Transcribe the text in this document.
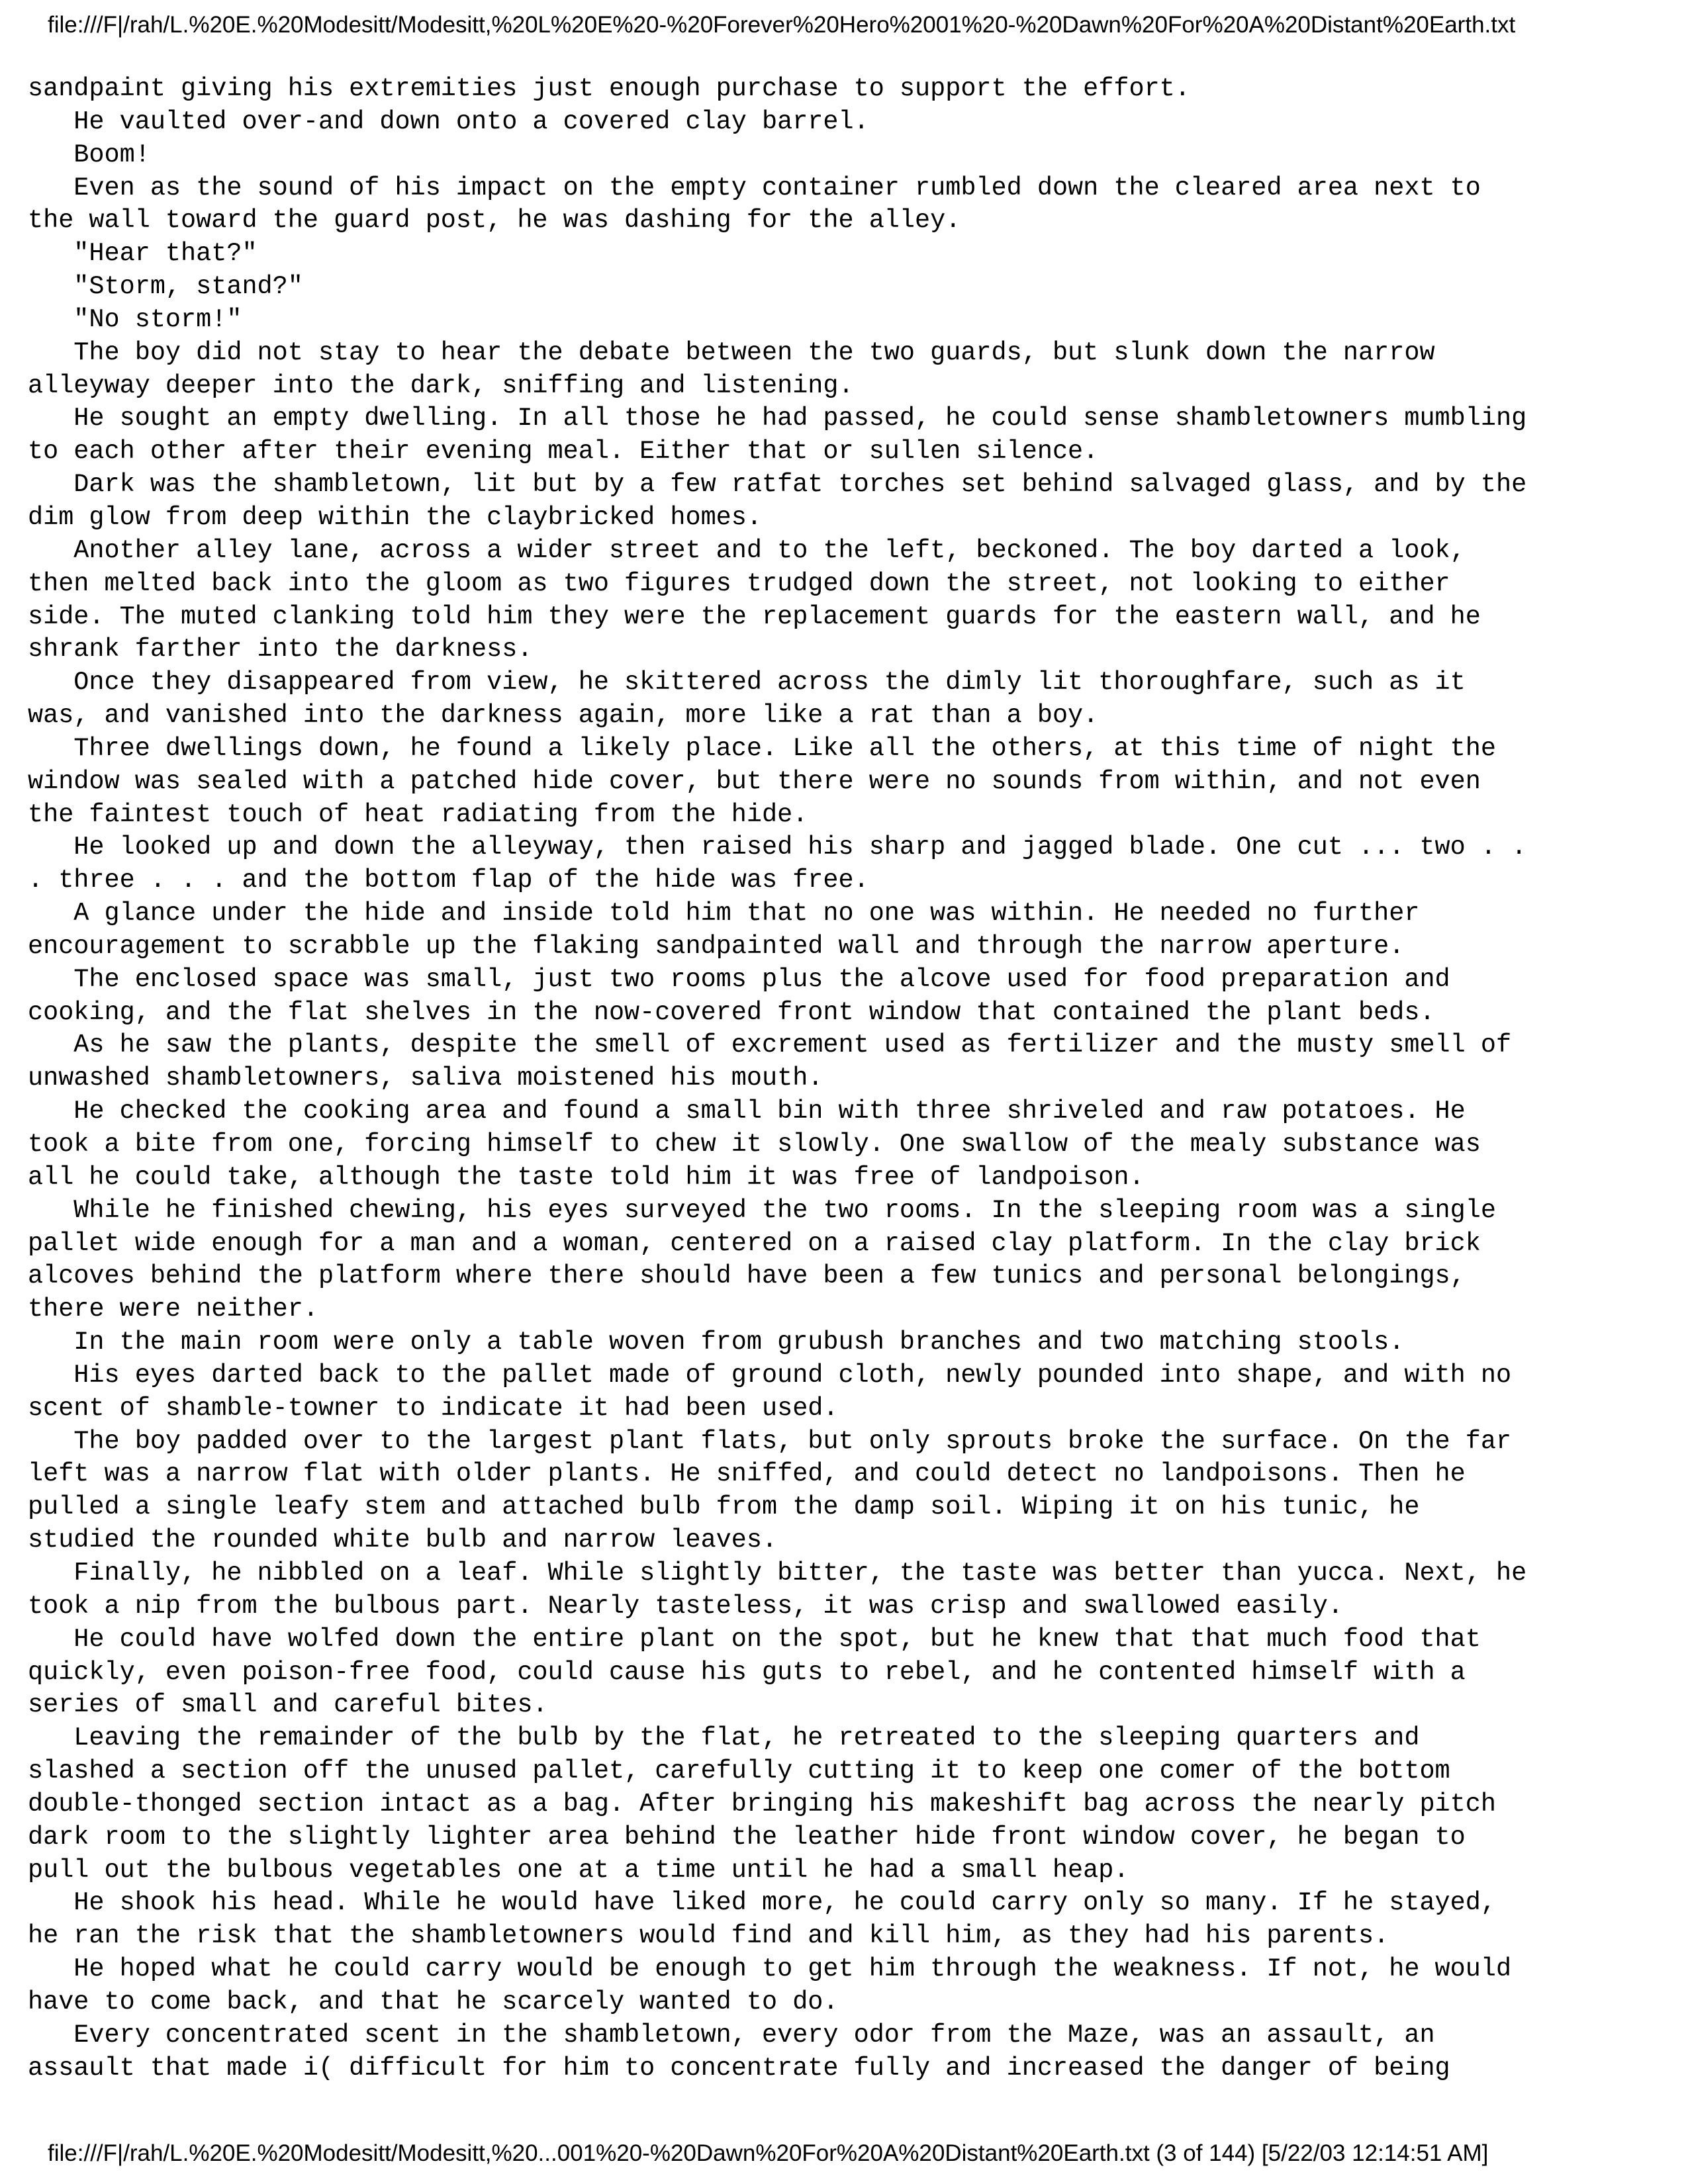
file:///F|/rah/L.%20E.%20Modesitt/Modesitt,%20L%20E%20-%20Forever%20Hero%2001%20-%20Dawn%20For%20A%20Distant%20Earth.txt
sandpaint giving his extremities just enough purchase to support the effort.
He vaulted over-and down onto a covered clay barrel.
Boom!
Even as the sound of his impact on the empty container rumbled down the cleared area next to
the wall toward the guard post, he was dashing for the alley.
"Hear that?"
"Storm, stand?"
"No storm!"
The boy did not stay to hear the debate between the two guards, but slunk down the narrow
alleyway deeper into the dark, sniffing and listening.
He sought an empty dwelling. In all those he had passed, he could sense shambletowners mumbling
to each other after their evening meal. Either that or sullen silence.
Dark was the shambletown, lit but by a few ratfat torches set behind salvaged glass, and by the
dim glow from deep within the claybricked homes.
Another alley lane, across a wider street and to the left, beckoned. The boy darted a look,
then melted back into the gloom as two figures trudged down the street, not looking to either
side. The muted clanking told him they were the replacement guards for the eastern wall, and he
shrank farther into the darkness.
Once they disappeared from view, he skittered across the dimly lit thoroughfare, such as it
was, and vanished into the darkness again, more like a rat than a boy.
Three dwellings down, he found a likely place. Like all the others, at this time of night the
window was sealed with a patched hide cover, but there were no sounds from within, and not even
the faintest touch of heat radiating from the hide.
He looked up and down the alleyway, then raised his sharp and jagged blade. One cut ... two . .
. three . . . and the bottom flap of the hide was free.
A glance under the hide and inside told him that no one was within. He needed no further
encouragement to scrabble up the flaking sandpainted wall and through the narrow aperture.
The enclosed space was small, just two rooms plus the alcove used for food preparation and
cooking, and the flat shelves in the now-covered front window that contained the plant beds.
As he saw the plants, despite the smell of excrement used as fertilizer and the musty smell of
unwashed shambletowners, saliva moistened his mouth.
He checked the cooking area and found a small bin with three shriveled and raw potatoes. He
took a bite from one, forcing himself to chew it slowly. One swallow of the mealy substance was
all he could take, although the taste told him it was free of landpoison.
While he finished chewing, his eyes surveyed the two rooms. In the sleeping room was a single
pallet wide enough for a man and a woman, centered on a raised clay platform. In the clay brick
alcoves behind the platform where there should have been a few tunics and personal belongings,
there were neither.
In the main room were only a table woven from grubush branches and two matching stools.
His eyes darted back to the pallet made of ground cloth, newly pounded into shape, and with no
scent of shamble-towner to indicate it had been used.
The boy padded over to the largest plant flats, but only sprouts broke the surface. On the far
left was a narrow flat with older plants. He sniffed, and could detect no landpoisons. Then he
pulled a single leafy stem and attached bulb from the damp soil. Wiping it on his tunic, he
studied the rounded white bulb and narrow leaves.
Finally, he nibbled on a leaf. While slightly bitter, the taste was better than yucca. Next, he
took a nip from the bulbous part. Nearly tasteless, it was crisp and swallowed easily.
He could have wolfed down the entire plant on the spot, but he knew that that much food that
quickly, even poison-free food, could cause his guts to rebel, and he contented himself with a
series of small and careful bites.
Leaving the remainder of the bulb by the flat, he retreated to the sleeping quarters and
slashed a section off the unused pallet, carefully cutting it to keep one comer of the bottom
double-thonged section intact as a bag. After bringing his makeshift bag across the nearly pitch
dark room to the slightly lighter area behind the leather hide front window cover, he began to
pull out the bulbous vegetables one at a time until he had a small heap.
He shook his head. While he would have liked more, he could carry only so many. If he stayed,
he ran the risk that the shambletowners would find and kill him, as they had his parents.
He hoped what he could carry would be enough to get him through the weakness. If not, he would
have to come back, and that he scarcely wanted to do.
Every concentrated scent in the shambletown, every odor from the Maze, was an assault, an
assault that made i( difficult for him to concentrate fully and increased the danger of being
file:///F|/rah/L.%20E.%20Modesitt/Modesitt,%20...001%20-%20Dawn%20For%20A%20Distant%20Earth.txt (3 of 144) [5/22/03 12:14:51 AM]
